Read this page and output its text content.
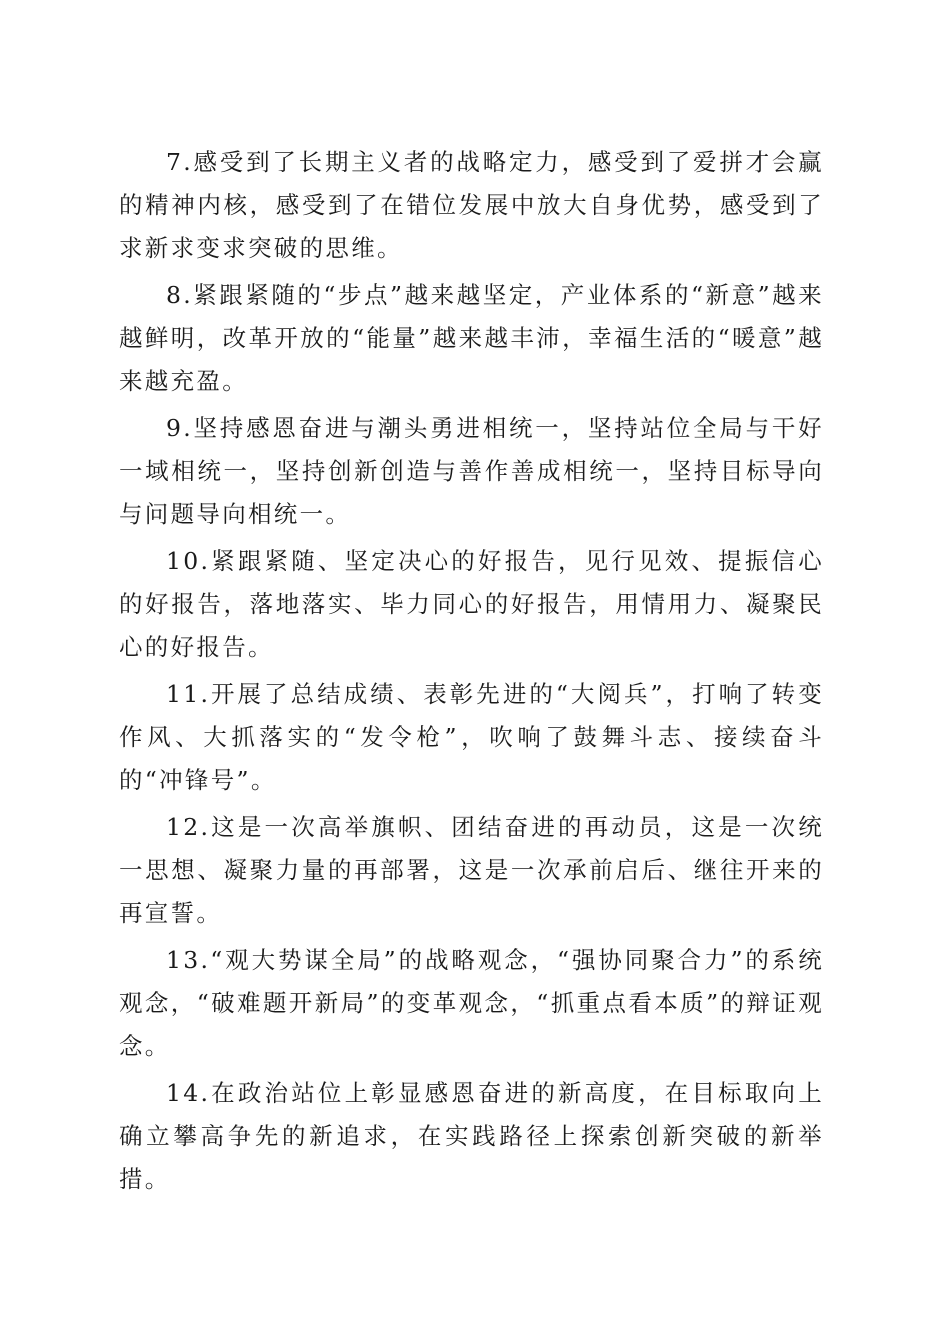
7.感受到了长期主义者的战略定力，感受到了爱拼才会赢的精神内核，感受到了在错位发展中放大自身优势，感受到了求新求变求突破的思维。

8.紧跟紧随的“步点”越来越坚定，产业体系的“新意”越来越鲜明，改革开放的“能量”越来越丰沛，幸福生活的“暖意”越来越充盈。

9.坚持感恩奋进与潮头勇进相统一，坚持站位全局与干好一域相统一，坚持创新创造与善作善成相统一，坚持目标导向与问题导向相统一。

10.紧跟紧随、坚定决心的好报告，见行见效、提振信心的好报告，落地落实、毕力同心的好报告，用情用力、凝聚民心的好报告。

11.开展了总结成绩、表彰先进的“大阅兵”，打响了转变作风、大抓落实的“发令枪”，吹响了鼓舞斗志、接续奋斗的“冲锋号”。

12.这是一次高举旗帜、团结奋进的再动员，这是一次统一思想、凝聚力量的再部署，这是一次承前启后、继往开来的再宣誓。

13.“观大势谋全局”的战略观念，“强协同聚合力”的系统观念，“破难题开新局”的变革观念，“抓重点看本质”的辩证观念。

14.在政治站位上彰显感恩奋进的新高度，在目标取向上确立攀高争先的新追求，在实践路径上探索创新突破的新举措。
